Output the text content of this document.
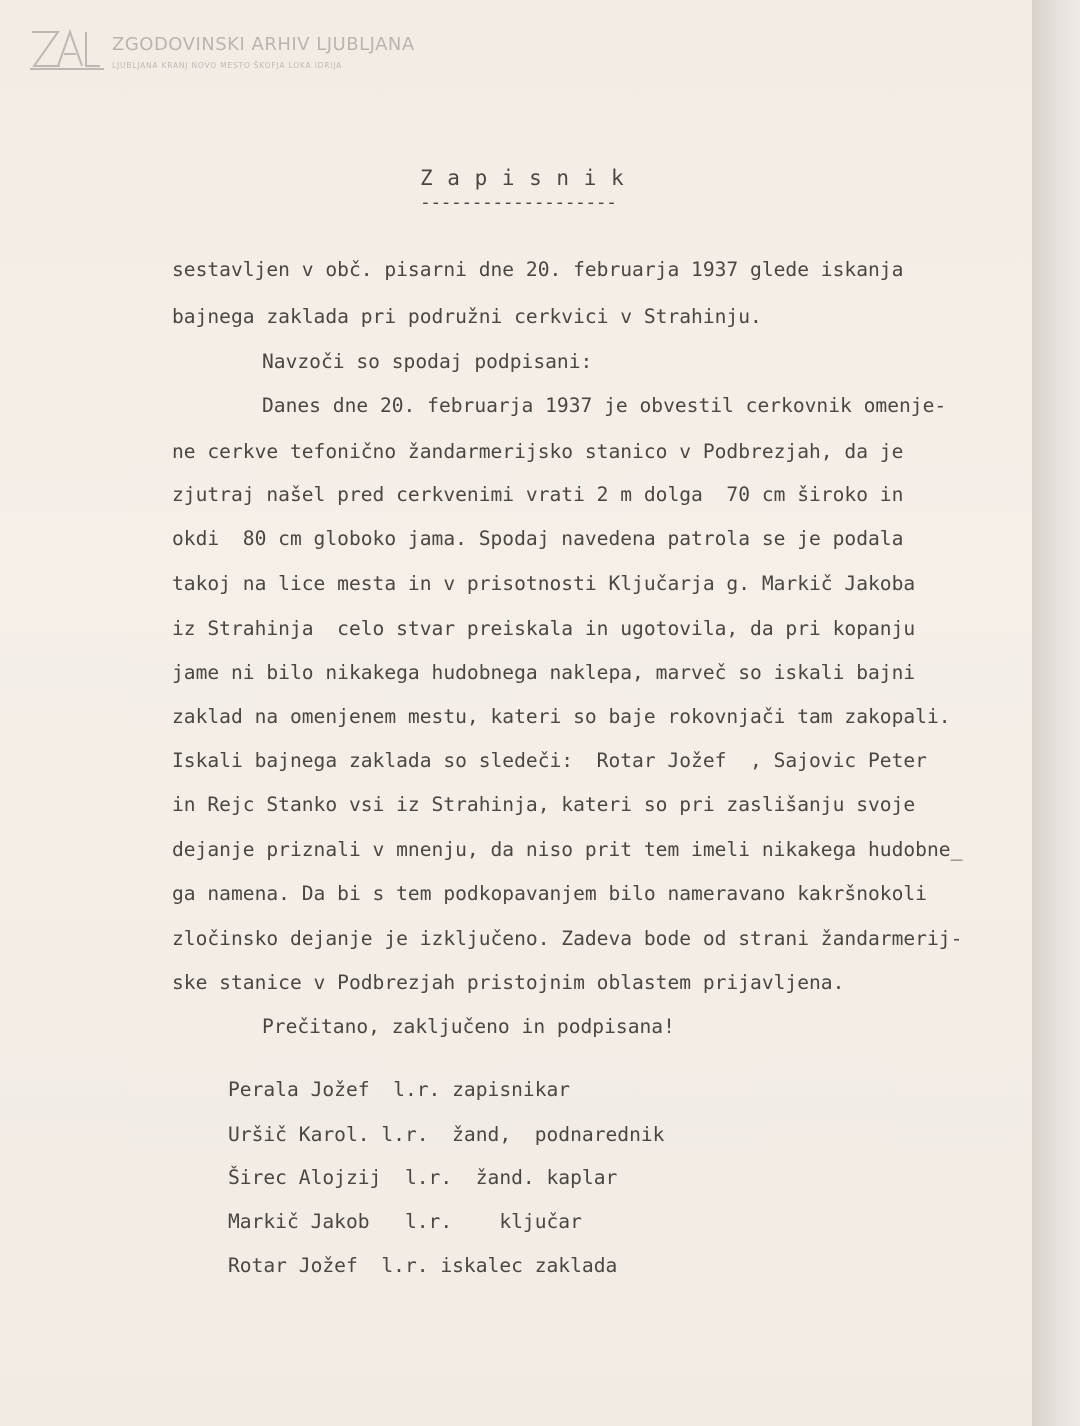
ZGODOVINSKI ARHIV LJUBLJANA
LJUBLJANA KRANJ NOVO MESTO ŠKOFJA LOKA IDRIJA
Z a p i s n i k
-------------------
sestavljen v obč. pisarni dne 20. februarja 1937 glede iskanja
bajnega zaklada pri podružni cerkvici v Strahinju.
Navzoči so spodaj podpisani:
Danes dne 20. februarja 1937 je obvestil cerkovnik omenje-
ne cerkve tefonično žandarmerijsko stanico v Podbrezjah, da je
zjutraj našel pred cerkvenimi vrati 2 m dolga  70 cm široko in
okdi  80 cm globoko jama. Spodaj navedena patrola se je podala
takoj na lice mesta in v prisotnosti Ključarja g. Markič Jakoba
iz Strahinja  celo stvar preiskala in ugotovila, da pri kopanju
jame ni bilo nikakega hudobnega naklepa, marveč so iskali bajni
zaklad na omenjenem mestu, kateri so baje rokovnjači tam zakopali.
Iskali bajnega zaklada so sledeči:  Rotar Jožef  , Sajovic Peter
in Rejc Stanko vsi iz Strahinja, kateri so pri zaslišanju svoje
dejanje priznali v mnenju, da niso prit tem imeli nikakega hudobne_
ga namena. Da bi s tem podkopavanjem bilo nameravano kakršnokoli
zločinsko dejanje je izključeno. Zadeva bode od strani žandarmerij-
ske stanice v Podbrezjah pristojnim oblastem prijavljena.
Prečitano, zaključeno in podpisana!
Perala Jožef  l.r. zapisnikar
Uršič Karol. l.r.  žand,  podnarednik
Širec Alojzij  l.r.  žand. kaplar
Markič Jakob   l.r.    ključar
Rotar Jožef  l.r. iskalec zaklada
